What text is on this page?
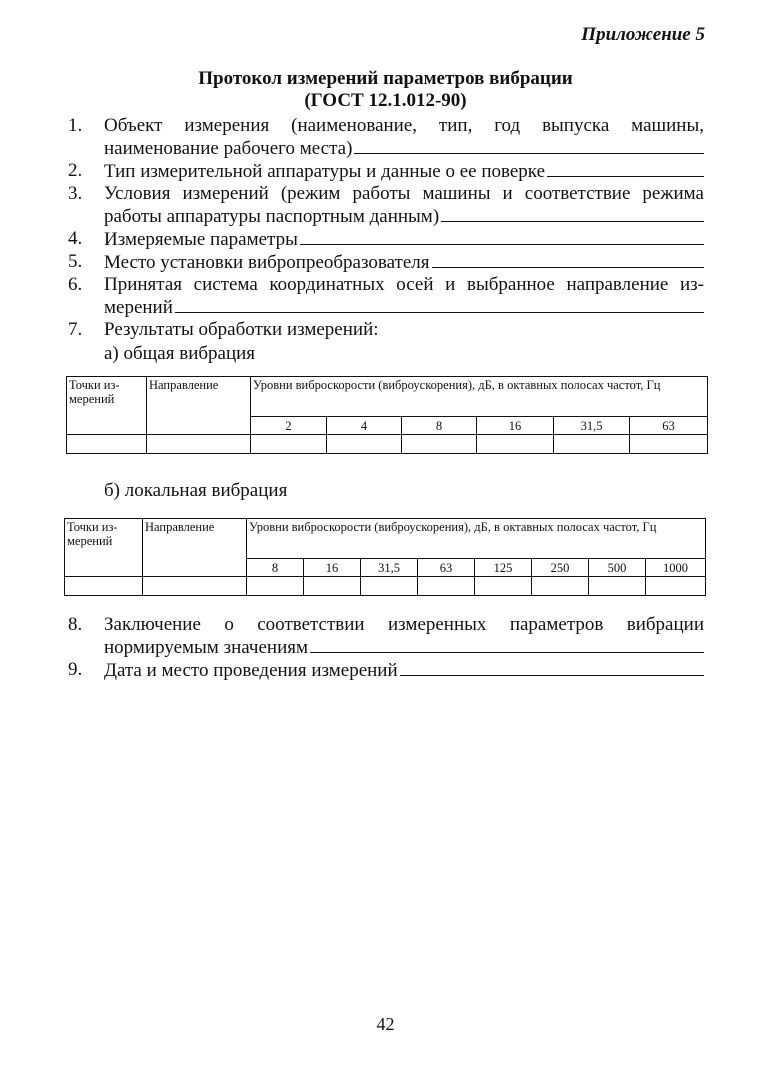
Приложение 5
Протокол измерений параметров вибрации
(ГОСТ 12.1.012-90)
1. Объект измерения (наименование, тип, год выпуска машины,
наименование рабочего места)
2. Тип измерительной аппаратуры и данные о ее поверке
3. Условия измерений (режим работы машины и соответствие режима
работы аппаратуры паспортным данным)
4. Измеряемые параметры
5. Место установки вибропреобразователя
6. Принятая система координатных осей и выбранное направление из-
мерений
7. Результаты обработки измерений:
а) общая вибрация
Точки из-мерений	Направление	Уровни виброскорости (виброускорения), дБ, в октавных полосах частот, Гц					
		2	4	8	16	31,5	63

б) локальная вибрация
Точки из-мерений	Направление	Уровни виброскорости (виброускорения), дБ, в октавных полосах частот, Гц							
		8	16	31,5	63	125	250	500	1000

8. Заключение о соответствии измеренных параметров вибрации
нормируемым значениям
9. Дата и место проведения измерений
42
